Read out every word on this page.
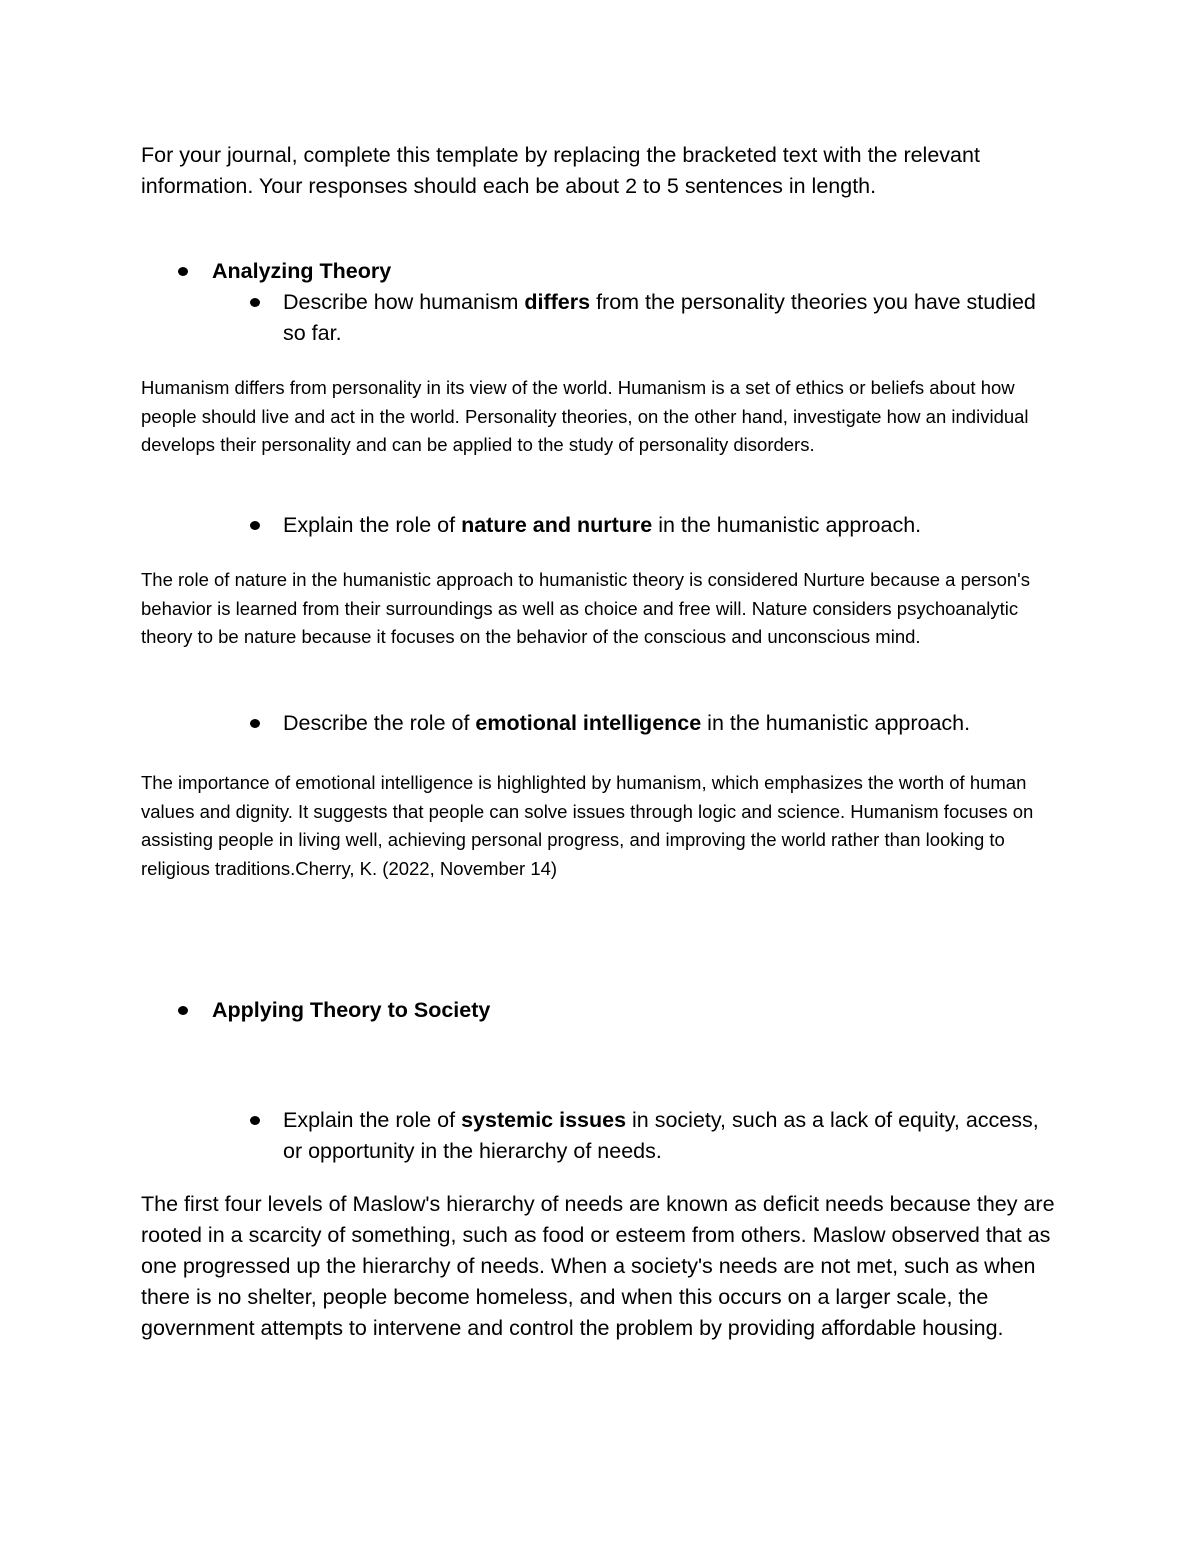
For your journal, complete this template by replacing the bracketed text with the relevant information. Your responses should each be about 2 to 5 sentences in length.

Analyzing Theory
Describe how humanism differs from the personality theories you have studied so far.

Humanism differs from personality in its view of the world. Humanism is a set of ethics or beliefs about how people should live and act in the world. Personality theories, on the other hand, investigate how an individual develops their personality and can be applied to the study of personality disorders.

Explain the role of nature and nurture in the humanistic approach.

The role of nature in the humanistic approach to humanistic theory is considered Nurture because a person's behavior is learned from their surroundings as well as choice and free will. Nature considers psychoanalytic theory to be nature because it focuses on the behavior of the conscious and unconscious mind.

Describe the role of emotional intelligence in the humanistic approach.

The importance of emotional intelligence is highlighted by humanism, which emphasizes the worth of human values and dignity. It suggests that people can solve issues through logic and science. Humanism focuses on assisting people in living well, achieving personal progress, and improving the world rather than looking to religious traditions.Cherry, K. (2022, November 14)

Applying Theory to Society
Explain the role of systemic issues in society, such as a lack of equity, access, or opportunity in the hierarchy of needs.

The first four levels of Maslow's hierarchy of needs are known as deficit needs because they are rooted in a scarcity of something, such as food or esteem from others. Maslow observed that as one progressed up the hierarchy of needs. When a society's needs are not met, such as when there is no shelter, people become homeless, and when this occurs on a larger scale, the government attempts to intervene and control the problem by providing affordable housing.
